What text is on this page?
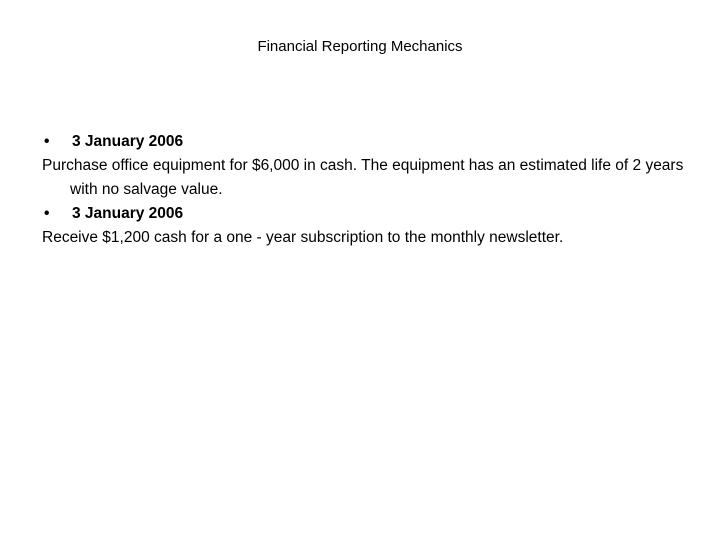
Financial Reporting Mechanics
• 3 January 2006
Purchase office equipment for $6,000 in cash. The equipment has an estimated life of 2 years with no salvage value.
• 3 January 2006
Receive $1,200 cash for a one - year subscription to the monthly newsletter.
